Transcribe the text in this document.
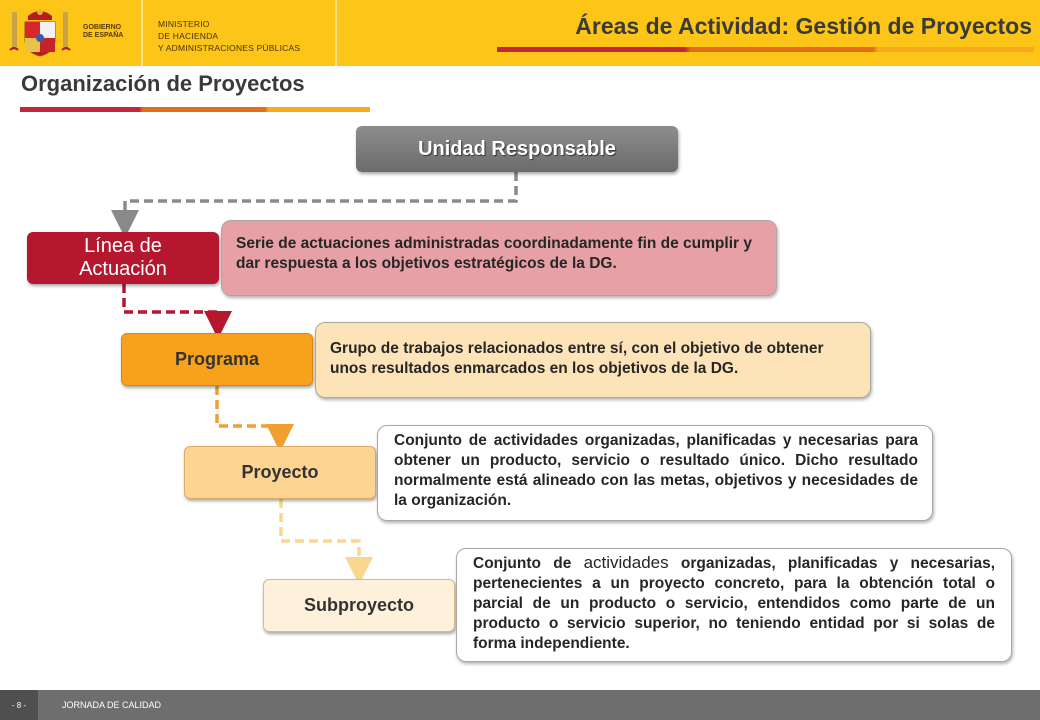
GOBIERNO
DE ESPAÑA
MINISTERIO
DE HACIENDA
Y ADMINISTRACIONES PÚBLICAS
Áreas de Actividad: Gestión de Proyectos
Organización de Proyectos
Unidad Responsable
Línea de
Actuación
Serie de actuaciones administradas coordinadamente fin de cumplir y dar respuesta a los objetivos estratégicos de la DG.
Programa
Grupo de trabajos relacionados entre sí, con el objetivo de obtener unos resultados enmarcados en los objetivos de la DG.
Proyecto
Conjunto de actividades organizadas, planificadas y necesarias para obtener un producto, servicio o resultado único. Dicho resultado normalmente está alineado con las metas, objetivos y necesidades de la organización.
Subproyecto
Conjunto de actividades organizadas, planificadas y necesarias, pertenecientes a un proyecto concreto, para la obtención total o parcial de un producto o servicio, entendidos como parte de un producto o servicio superior, no teniendo entidad por si solas de forma independiente.
- 8 -	JORNADA DE CALIDAD
